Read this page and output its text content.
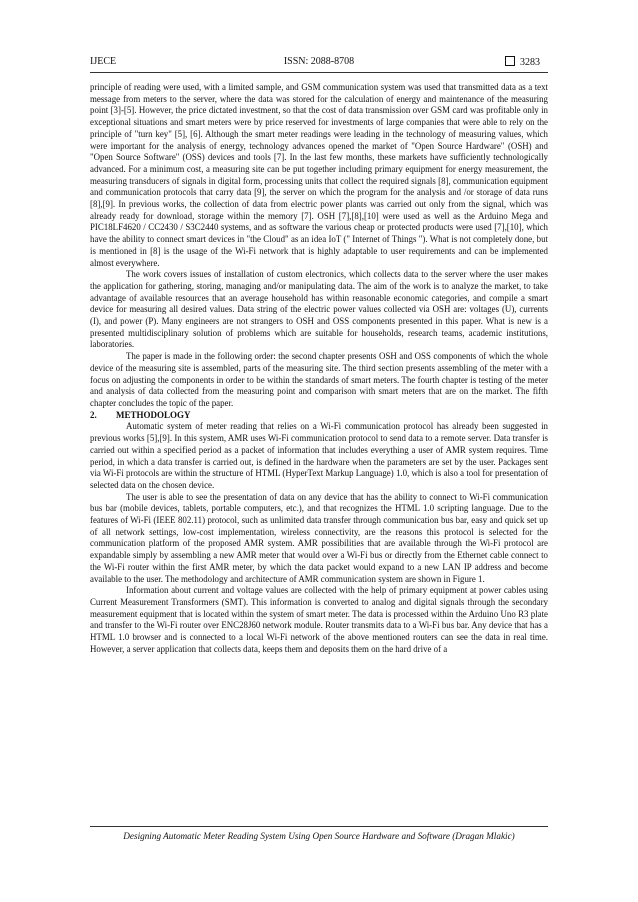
IJECE	ISSN: 2088-8708	3283

principle of reading were used, with a limited sample, and GSM communication system was used that transmitted data as a text message from meters to the server, where the data was stored for the calculation of energy and maintenance of the measuring point [3]-[5]. However, the price dictated investment, so that the cost of data transmission over GSM card was profitable only in exceptional situations and smart meters were by price reserved for investments of large companies that were able to rely on the principle of "turn key" [5], [6]. Although the smart meter readings were leading in the technology of measuring values, which were important for the analysis of energy, technology advances opened the market of "Open Source Hardware" (OSH) and "Open Source Software" (OSS) devices and tools [7]. In the last few months, these markets have sufficiently technologically advanced. For a minimum cost, a measuring site can be put together including primary equipment for energy measurement, the measuring transducers of signals in digital form, processing units that collect the required signals [8], communication equipment and communication protocols that carry data [9], the server on which the program for the analysis and /or storage of data runs [8],[9]. In previous works, the collection of data from electric power plants was carried out only from the signal, which was already ready for download, storage within the memory [7]. OSH [7],[8],[10] were used as well as the Arduino Mega and PIC18LF4620 / CC2430 / S3C2440 systems, and as software the various cheap or protected products were used [7],[10], which have the ability to connect smart devices in "the Cloud" as an idea IoT (" Internet of Things "). What is not completely done, but is mentioned in [8] is the usage of the Wi-Fi network that is highly adaptable to user requirements and can be implemented almost everywhere.

The work covers issues of installation of custom electronics, which collects data to the server where the user makes the application for gathering, storing, managing and/or manipulating data. The aim of the work is to analyze the market, to take advantage of available resources that an average household has within reasonable economic categories, and compile a smart device for measuring all desired values. Data string of the electric power values collected via OSH are: voltages (U), currents (I), and power (P). Many engineers are not strangers to OSH and OSS components presented in this paper. What is new is a presented multidisciplinary solution of problems which are suitable for households, research teams, academic institutions, laboratories.

The paper is made in the following order: the second chapter presents OSH and OSS components of which the whole device of the measuring site is assembled, parts of the measuring site. The third section presents assembling of the meter with a focus on adjusting the components in order to be within the standards of smart meters. The fourth chapter is testing of the meter and analysis of data collected from the measuring point and comparison with smart meters that are on the market. The fifth chapter concludes the topic of the paper.

2. METHODOLOGY

Automatic system of meter reading that relies on a Wi-Fi communication protocol has already been suggested in previous works [5],[9]. In this system, AMR uses Wi-Fi communication protocol to send data to a remote server. Data transfer is carried out within a specified period as a packet of information that includes everything a user of AMR system requires. Time period, in which a data transfer is carried out, is defined in the hardware when the parameters are set by the user. Packages sent via Wi-Fi protocols are within the structure of HTML (HyperText Markup Language) 1.0, which is also a tool for presentation of selected data on the chosen device.

The user is able to see the presentation of data on any device that has the ability to connect to Wi-Fi communication bus bar (mobile devices, tablets, portable computers, etc.), and that recognizes the HTML 1.0 scripting language. Due to the features of Wi-Fi (IEEE 802.11) protocol, such as unlimited data transfer through communication bus bar, easy and quick set up of all network settings, low-cost implementation, wireless connectivity, are the reasons this protocol is selected for the communication platform of the proposed AMR system. AMR possibilities that are available through the Wi-Fi protocol are expandable simply by assembling a new AMR meter that would over a Wi-Fi bus or directly from the Ethernet cable connect to the Wi-Fi router within the first AMR meter, by which the data packet would expand to a new LAN IP address and become available to the user. The methodology and architecture of AMR communication system are shown in Figure 1.

Information about current and voltage values are collected with the help of primary equipment at power cables using Current Measurement Transformers (SMT). This information is converted to analog and digital signals through the secondary measurement equipment that is located within the system of smart meter. The data is processed within the Arduino Uno R3 plate and transfer to the Wi-Fi router over ENC28J60 network module. Router transmits data to a Wi-Fi bus bar. Any device that has a HTML 1.0 browser and is connected to a local Wi-Fi network of the above mentioned routers can see the data in real time. However, a server application that collects data, keeps them and deposits them on the hard drive of a

Designing Automatic Meter Reading System Using Open Source Hardware and Software (Dragan Mlakic)
